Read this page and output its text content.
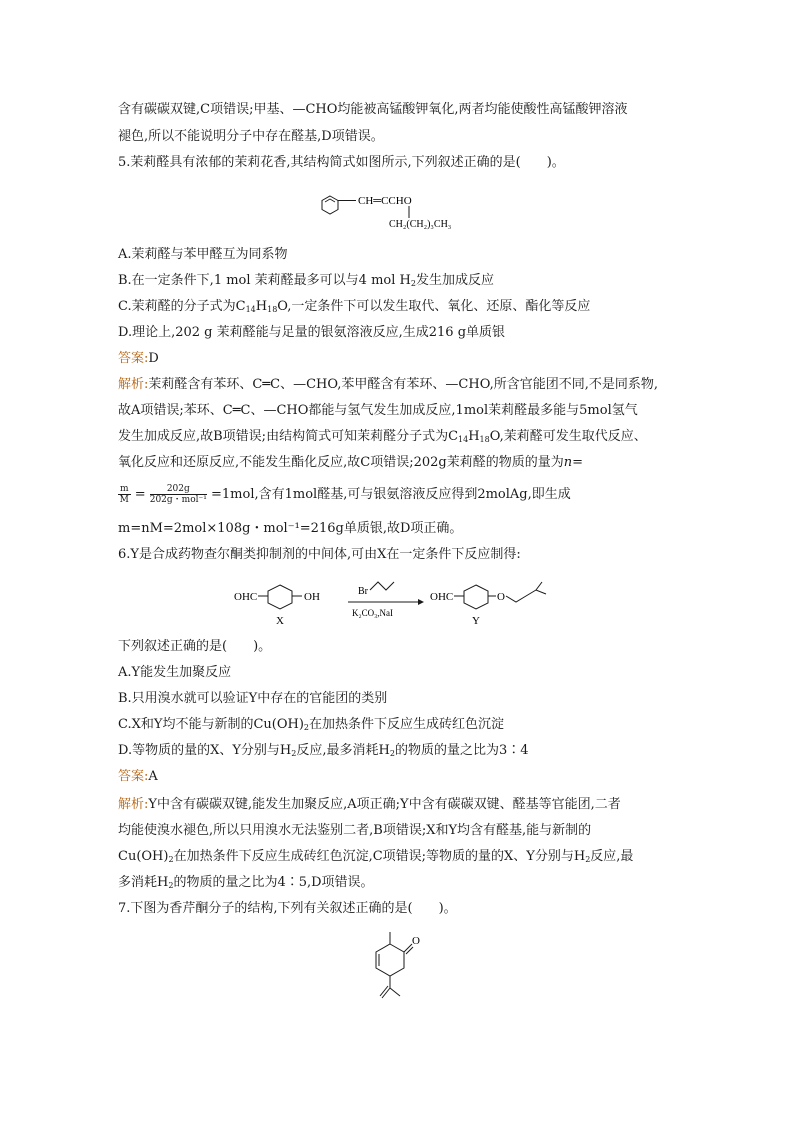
含有碳碳双键,C项错误;甲基、—CHO均能被高锰酸钾氧化,两者均能使酸性高锰酸钾溶液
褪色,所以不能说明分子中存在醛基,D项错误。
5.茉莉醛具有浓郁的茉莉花香,其结构简式如图所示,下列叙述正确的是(　　)。
CH═CCHO
CH₂(CH₂)₃CH₃
A.茉莉醛与苯甲醛互为同系物
B.在一定条件下,1 mol 茉莉醛最多可以与4 mol $H_2$发生加成反应
C.茉莉醛的分子式为$C_{14}H_{18}O$,一定条件下可以发生取代、氧化、还原、酯化等反应
D.理论上,202 g 茉莉醛能与足量的银氨溶液反应,生成216 g单质银
答案:D
解析:茉莉醛含有苯环、C═C、—CHO,苯甲醛含有苯环、—CHO,所含官能团不同,不是同系物,
故A项错误;苯环、C═C、—CHO都能与氢气发生加成反应,1mol茉莉醛最多能与5mol氢气
发生加成反应,故B项错误;由结构简式可知茉莉醛分子式为$C_{14}H_{18}O$,茉莉醛可发生取代反应、
氧化反应和还原反应,不能发生酯化反应,故C项错误;202g茉莉醛的物质的量为n=
$\frac{m}{M} = \frac{202g}{\text{202g・mol⁻¹}} =1mol$,含有1mol醛基,可与银氨溶液反应得到2molAg,即生成
m=nM=2mol×108g・mol⁻¹=216g单质银,故D项正确。
6.Y是合成药物查尔酮类抑制剂的中间体,可由X在一定条件下反应制得:
OHC	OH
X
Br
K₂CO₃,NaI
OHC	O
Y
下列叙述正确的是(　　)。
A.Y能发生加聚反应
B.只用溴水就可以验证Y中存在的官能团的类别
C.X和Y均不能与新制的$Cu(OH)_2$在加热条件下反应生成砖红色沉淀
D.等物质的量的X、Y分别与$H_2$反应,最多消耗$H_2$的物质的量之比为3∶4
答案:A
解析:Y中含有碳碳双键,能发生加聚反应,A项正确;Y中含有碳碳双键、醛基等官能团,二者
均能使溴水褪色,所以只用溴水无法鉴别二者,B项错误;X和Y均含有醛基,能与新制的
$Cu(OH)_2$在加热条件下反应生成砖红色沉淀,C项错误;等物质的量的X、Y分别与$H_2$反应,最
多消耗$H_2$的物质的量之比为4∶5,D项错误。
7.下图为香芹酮分子的结构,下列有关叙述正确的是(　　)。
O
